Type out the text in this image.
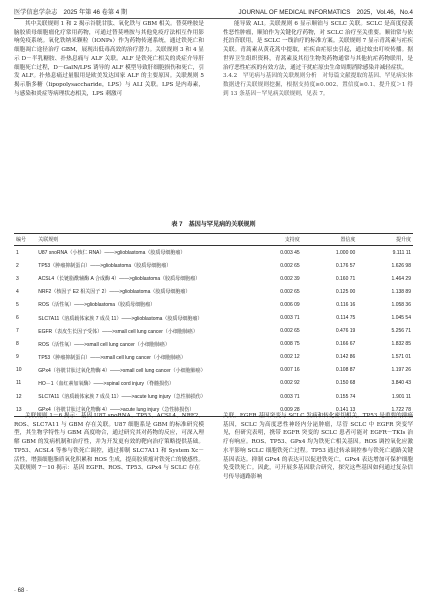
医学信息学杂志　2025 年第 46 卷第 4 期	JOURNAL OF MEDICAL INFORMATICS　2025，Vol.46，No.4

其中关联规则 1 和 2 揭示谷胱甘肽、氧化铁与 GBM 相关。替莫唑胺是脑胶质母细胞瘤化疗常用药物，可通过替莫唑胺与其他免疫疗法相互作用影响免疫系统。氧化铁纳米颗粒（IONPs）作为药物传递系统，通过铁死亡和细胞凋亡途径治疗 GBM，展现出低毒高效的治疗潜力。关联规则 3 和 4 显示 D－半乳糖胺、扑热息痛与 ALF 关联。ALF 是铁死亡相关的炎症介导肝细胞死亡过程，D－GalN/LPS 诱导的 ALF 模型导致肝细胞损伤和死亡，引发 ALF。扑热息痛过量服用是欧美发达国家 ALF 的主要原因。关联规则 5 揭示脂多糖（lipopolysaccharide，LPS）与 ALI 关联。LPS 是内毒素，与感染和炎症等病理状态相关，LPS 刺激可

能导致 ALI。关联规则 6 显示顺铂与 SCLC 关联。SCLC 是高度侵袭性恶性肿瘤，顺铂作为关键化疗药物，对 SCLC 治疗至关重要。顺铂常与依托泊苷联用，是 SCLC 一线治疗的标准方案。关联规则 7 显示青蒿素与疟疾关联。青蒿素从黄花蒿中提取，疟疾由疟原虫引起，通过蚊虫叮咬传播。据世界卫生组织资料，青蒿素及其衍生物类药物通常与其他抗疟药物联用，是治疗恶性疟疾的有效方法，通过干扰疟原虫生命周期消除感染并减轻症状。

3.4.2　罕见病与基因的关联规则分析　对每篇文献提取的基因、罕见病实体数据进行关联规则挖掘，根据支持度≥0.002、置信度≥0.1、提升度＞1 得到 13 条基因－罕见病关联规则，见表 7。

表 7　基因与罕见病的关联规则
编号	关联规则	支持度	置信度	提升度
1	U87 snoRNA（小核仁 RNA）——>glioblastoma（胶质母细胞瘤）	0.003 45	1.000 00	9.111 11
2	TP53（肿瘤抑制蛋白）——>glioblastoma（胶质母细胞瘤）	0.002 65	0.176 57	1.626 98
3	ACSL4（长链脂酰辅酶 A 合成酶 4）——>glioblastoma（胶质母细胞瘤）	0.002 39	0.160 71	1.464 29
4	NRF2（核因子 E2 相关因子 2）——>glioblastoma（胶质母细胞瘤）	0.002 65	0.125 00	1.138 89
5	ROS（活性氧）——>glioblastoma（胶质母细胞瘤）	0.006 09	0.116 16	1.058 36
6	SLC7A11（溶质载体家族 7 成员 11）——>glioblastoma（胶质母细胞瘤）	0.003 71	0.114 75	1.045 54
7	EGFR（表皮生长因子受体）——>small cell lung cancer（小细胞肺癌）	0.002 65	0.476 19	5.256 71
8	ROS（活性氧）——>small cell lung cancer（小细胞肺癌）	0.008 75	0.166 67	1.832 85
9	TP53（肿瘤抑制蛋白）——>small cell lung cancer（小细胞肺癌）	0.002 12	0.142 86	1.571 01
10	GPx4（谷胱甘肽过氧化物酶 4）——>small cell lung cancer（小细胞肺癌）	0.007 16	0.108 87	1.197 26
11	HO－1（血红素加氧酶）——>spinal cord injury（脊髓损伤）	0.002 92	0.150 68	3.840 43
12	SLC7A11（溶质载体家族 7 成员 11）——>acute lung injury（急性肺损伤）	0.003 71	0.155 74	1.901 11
13	GPx4（谷胱甘肽过氧化物酶 4）——>acute lung injury（急性肺损伤）	0.009 28	0.141 13	1.722 78

关联规则 1－6 揭示：基因 U87 snoRNA、TP53、ACSL4、NRF2、ROS、SLC7A11 与 GBM 存在关联。U87 细胞系是 GBM 的标准研究模型，其生物学特性与 GBM 高度吻合，通过研究其对药物的反应，可深入理解 GBM 的发病机制和治疗性，并为开发更有效的靶向治疗策略提供基础。TP53、ACSL4 等参与铁死亡调控，通过抑制 SLC7A11 和 System Xc－活性，增强细胞脂质氧化积累和 ROS 生成，提高胶质瘤对铁死亡的敏感性。关联规则 7－10 揭示：基因 EGFR、ROS、TP53、GPx4 与 SCLC 存在

关联。EGFR 基因突变与 SCLC 发病和转化密切相关。TP53 是重要的抑癌基因，SCLC 为高度恶性神经内分泌肿瘤，尽管 SCLC 中 EGFR 突变罕见，但研究表明，携带 EGFR 突变的 SCLC 患者可能对 EGFR－TKIs 治疗有响应。ROS、TP53、GPx4 均为铁死亡相关基因。ROS 调控氧化应激水平影响 SCLC 细胞铁死亡过程。TP53 通过转录调控参与铁死亡通路关键基因表达。抑制 GPx4 的表达可以促进铁死亡，GPx4 表达增加可保护细胞免受铁死亡。因此，可开展多基因联合研究，探究这些基因如何通过复杂信号传导通路影响

· 68 ·
